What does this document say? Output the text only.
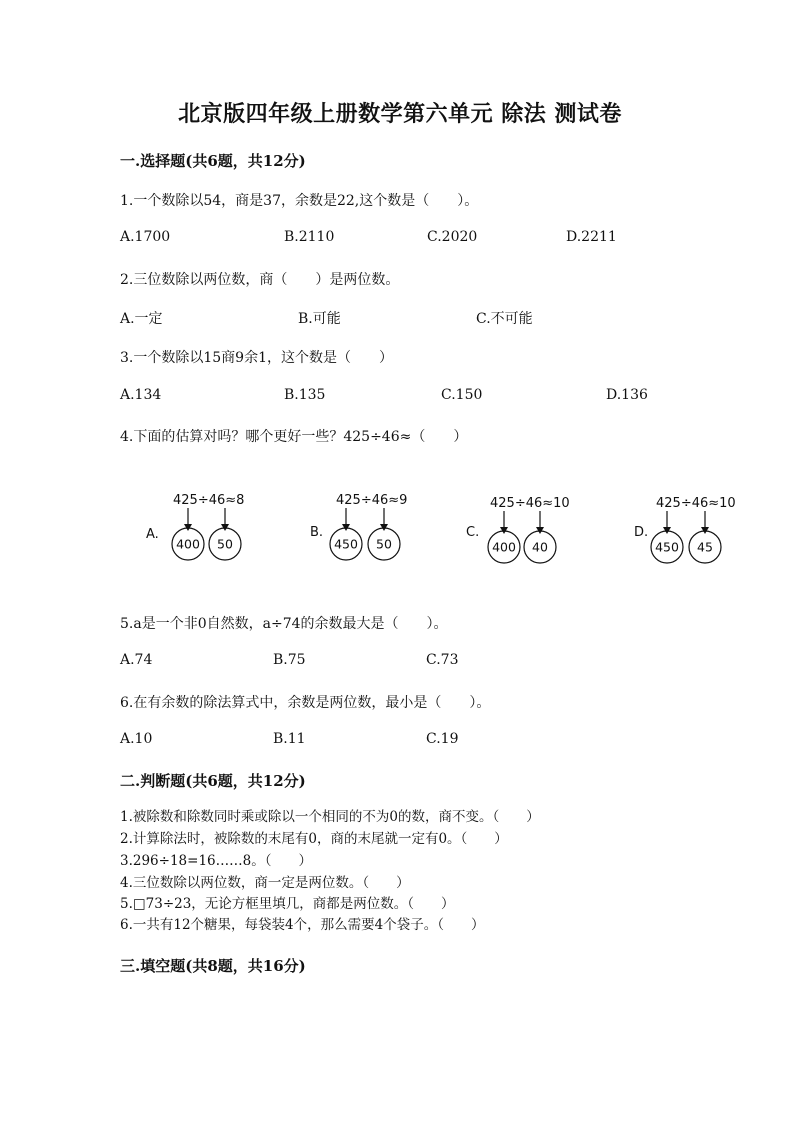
北京版四年级上册数学第六单元 除法 测试卷
一.选择题(共6题，共12分)
1.一个数除以54，商是37，余数是22,这个数是（　　）。
A.1700	B.2110	C.2020	D.2211
2.三位数除以两位数，商（　　）是两位数。
A.一定	B.可能	C.不可能
3.一个数除以15商9余1，这个数是（　　）
A.134	B.135	C.150	D.136
4.下面的估算对吗？哪个更好一些？425÷46≈（　　）
425÷46≈8
A.
400 50
425÷46≈9
B.
450 50
425÷46≈10
C.
400 40
425÷46≈10
D.
450 45
5.a是一个非0自然数，a÷74的余数最大是（　　）。
A.74	B.75	C.73
6.在有余数的除法算式中，余数是两位数，最小是（　　）。
A.10	B.11	C.19
二.判断题(共6题，共12分)
1.被除数和除数同时乘或除以一个相同的不为0的数，商不变。（　　）
2.计算除法时，被除数的末尾有0，商的末尾就一定有0。（　　）
3.296÷18=16……8。（　　）
4.三位数除以两位数，商一定是两位数。（　　）
5.□73÷23，无论方框里填几，商都是两位数。（　　）
6.一共有12个糖果，每袋装4个，那么需要4个袋子。（　　）
三.填空题(共8题，共16分)
